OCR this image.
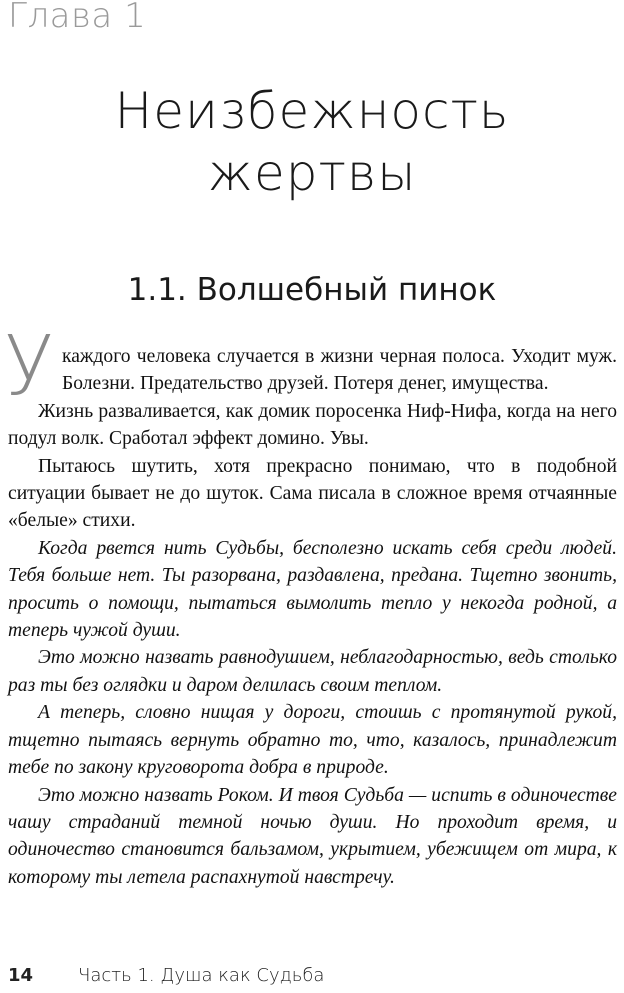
Глава 1
Неизбежность
жертвы
1.1. Волшебный пинок

У каждого человека случается в жизни черная полоса. Уходит муж. Болезни. Предательство друзей. Потеря денег, имущества.

Жизнь разваливается, как домик поросенка Ниф-Нифа, когда на него подул волк. Сработал эффект домино. Увы.

Пытаюсь шутить, хотя прекрасно понимаю, что в подобной ситуации бывает не до шуток. Сама писала в сложное время отчаянные «белые» стихи.

Когда рвется нить Судьбы, бесполезно искать себя среди людей. Тебя больше нет. Ты разорвана, раздавлена, предана. Тщетно звонить, просить о помощи, пытаться вымолить тепло у некогда родной, а теперь чужой души.

Это можно назвать равнодушием, неблагодарностью, ведь столько раз ты без оглядки и даром делилась своим теплом.

А теперь, словно нищая у дороги, стоишь с протянутой рукой, тщетно пытаясь вернуть обратно то, что, казалось, принадлежит тебе по закону круговорота добра в природе.

Это можно назвать Роком. И твоя Судьба — испить в одиночестве чашу страданий темной ночью души. Но проходит время, и одиночество становится бальзамом, укрытием, убежищем от мира, к которому ты летела распахнутой навстречу.

14 Часть 1. Душа как Судьба
